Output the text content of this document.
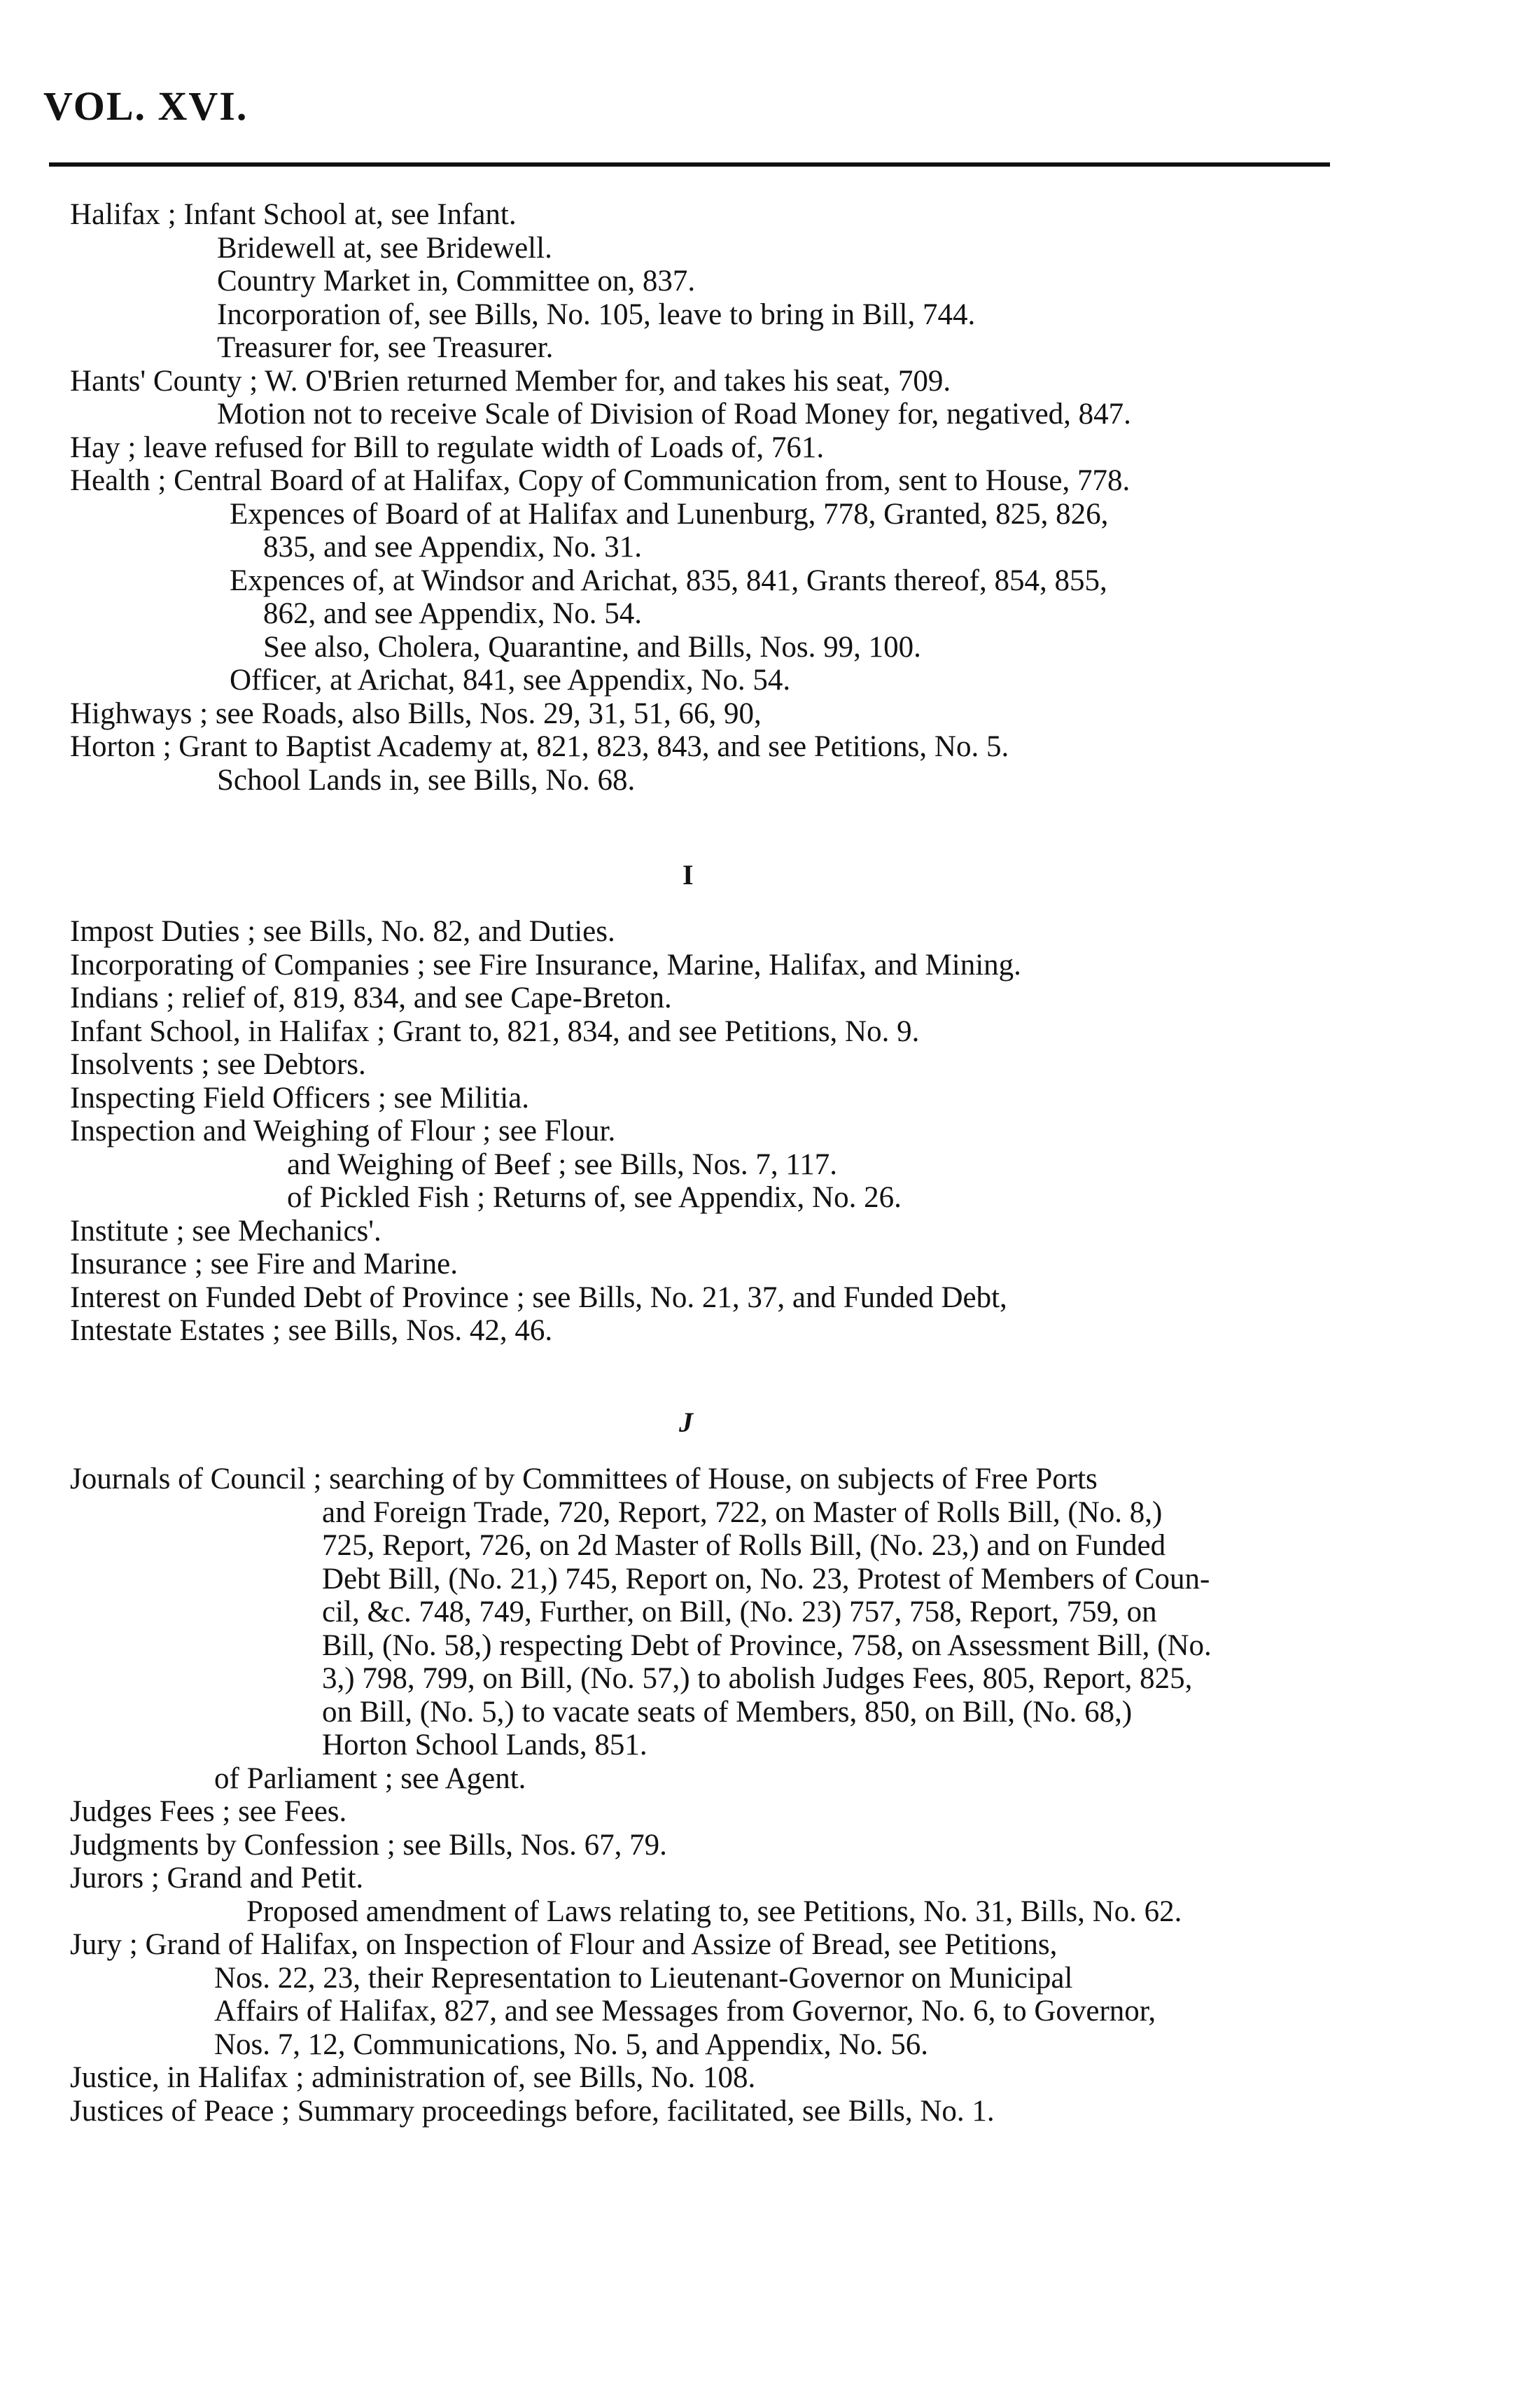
VOL. XVI.
Halifax ; Infant School at, see Infant.
Bridewell at, see Bridewell.
Country Market in, Committee on, 837.
Incorporation of, see Bills, No. 105, leave to bring in Bill, 744.
Treasurer for, see Treasurer.
Hants' County ; W. O'Brien returned Member for, and takes his seat, 709.
Motion not to receive Scale of Division of Road Money for, negatived, 847.
Hay ; leave refused for Bill to regulate width of Loads of, 761.
Health ; Central Board of at Halifax, Copy of Communication from, sent to House, 778.
Expences of Board of at Halifax and Lunenburg, 778, Granted, 825, 826,
835, and see Appendix, No. 31.
Expences of, at Windsor and Arichat, 835, 841, Grants thereof, 854, 855,
862, and see Appendix, No. 54.
See also, Cholera, Quarantine, and Bills, Nos. 99, 100.
Officer, at Arichat, 841, see Appendix, No. 54.
Highways ; see Roads, also Bills, Nos. 29, 31, 51, 66, 90,
Horton ; Grant to Baptist Academy at, 821, 823, 843, and see Petitions, No. 5.
School Lands in, see Bills, No. 68.
I
Impost Duties ; see Bills, No. 82, and Duties.
Incorporating of Companies ; see Fire Insurance, Marine, Halifax, and Mining.
Indians ; relief of, 819, 834, and see Cape-Breton.
Infant School, in Halifax ; Grant to, 821, 834, and see Petitions, No. 9.
Insolvents ; see Debtors.
Inspecting Field Officers ; see Militia.
Inspection and Weighing of Flour ; see Flour.
and Weighing of Beef ; see Bills, Nos. 7, 117.
of Pickled Fish ; Returns of, see Appendix, No. 26.
Institute ; see Mechanics'.
Insurance ; see Fire and Marine.
Interest on Funded Debt of Province ; see Bills, No. 21, 37, and Funded Debt,
Intestate Estates ; see Bills, Nos. 42, 46.
J
Journals of Council ; searching of by Committees of House, on subjects of Free Ports
and Foreign Trade, 720, Report, 722, on Master of Rolls Bill, (No. 8,)
725, Report, 726, on 2d Master of Rolls Bill, (No. 23,) and on Funded
Debt Bill, (No. 21,) 745, Report on, No. 23, Protest of Members of Coun-
cil, &c. 748, 749, Further, on Bill, (No. 23) 757, 758, Report, 759, on
Bill, (No. 58,) respecting Debt of Province, 758, on Assessment Bill, (No.
3,) 798, 799, on Bill, (No. 57,) to abolish Judges Fees, 805, Report, 825,
on Bill, (No. 5,) to vacate seats of Members, 850, on Bill, (No. 68,)
Horton School Lands, 851.
of Parliament ; see Agent.
Judges Fees ; see Fees.
Judgments by Confession ; see Bills, Nos. 67, 79.
Jurors ; Grand and Petit.
Proposed amendment of Laws relating to, see Petitions, No. 31, Bills, No. 62.
Jury ; Grand of Halifax, on Inspection of Flour and Assize of Bread, see Petitions,
Nos. 22, 23, their Representation to Lieutenant-Governor on Municipal
Affairs of Halifax, 827, and see Messages from Governor, No. 6, to Governor,
Nos. 7, 12, Communications, No. 5, and Appendix, No. 56.
Justice, in Halifax ; administration of, see Bills, No. 108.
Justices of Peace ; Summary proceedings before, facilitated, see Bills, No. 1.
